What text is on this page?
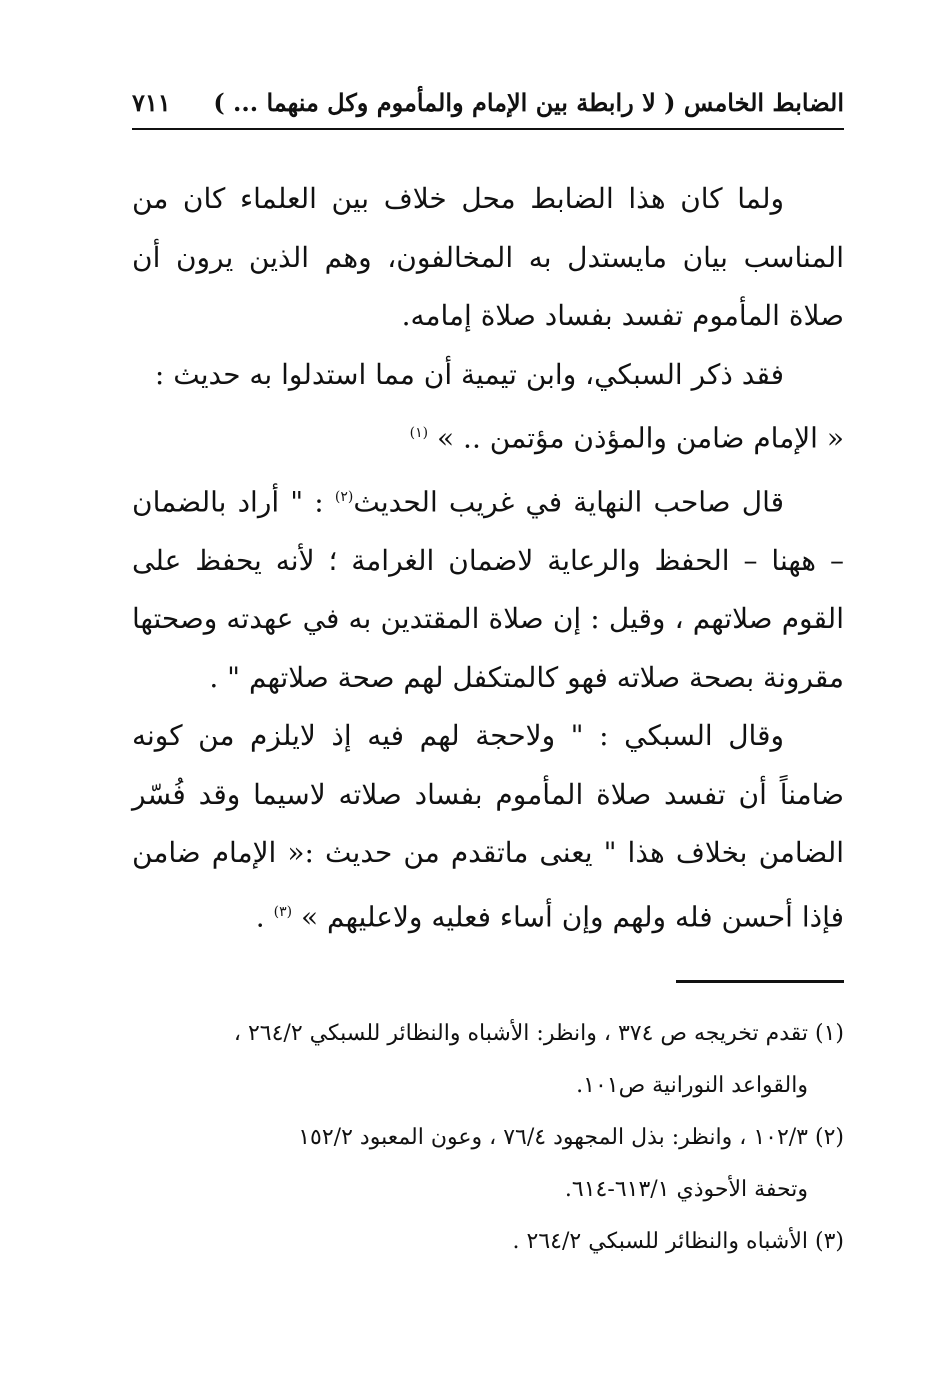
الضابط الخامس ( لا رابطة بين الإمام والمأموم وكل منهما ... )
٧١١

ولما كان هذا الضابط محل خلاف بين العلماء كان من المناسب بيان مايستدل به المخالفون، وهم الذين يرون أن صلاة المأموم تفسد بفساد صلاة إمامه.

فقد ذكر السبكي، وابن تيمية أن مما استدلوا به حديث :

« الإمام ضامن والمؤذن مؤتمن .. » $^{(١)}$

قال صاحب النهاية في غريب الحديث$^{(٢)}$ : " أراد بالضمان – ههنا – الحفظ والرعاية لاضمان الغرامة ؛ لأنه يحفظ على القوم صلاتهم ، وقيل : إن صلاة المقتدين به في عهدته وصحتها مقرونة بصحة صلاته فهو كالمتكفل لهم صحة صلاتهم " .

وقال السبكي : " ولاحجة لهم فيه إذ لايلزم من كونه ضامناً أن تفسد صلاة المأموم بفساد صلاته لاسيما وقد فُسّر الضامن بخلاف هذا " يعنى ماتقدم من حديث :« الإمام ضامن فإذا أحسن فله ولهم وإن أساء فعليه ولاعليهم » $^{(٣)}$ .

(١) تقدم تخريجه ص ٣٧٤ ، وانظر: الأشباه والنظائر للسبكي ٢٦٤/٢ ،

والقواعد النورانية ص١٠١.

(٢) ١٠٢/٣ ، وانظر: بذل المجهود ٧٦/٤ ، وعون المعبود ١٥٢/٢

وتحفة الأحوذي ٦١٣/١-٦١٤.

(٣) الأشباه والنظائر للسبكي ٢٦٤/٢ .
